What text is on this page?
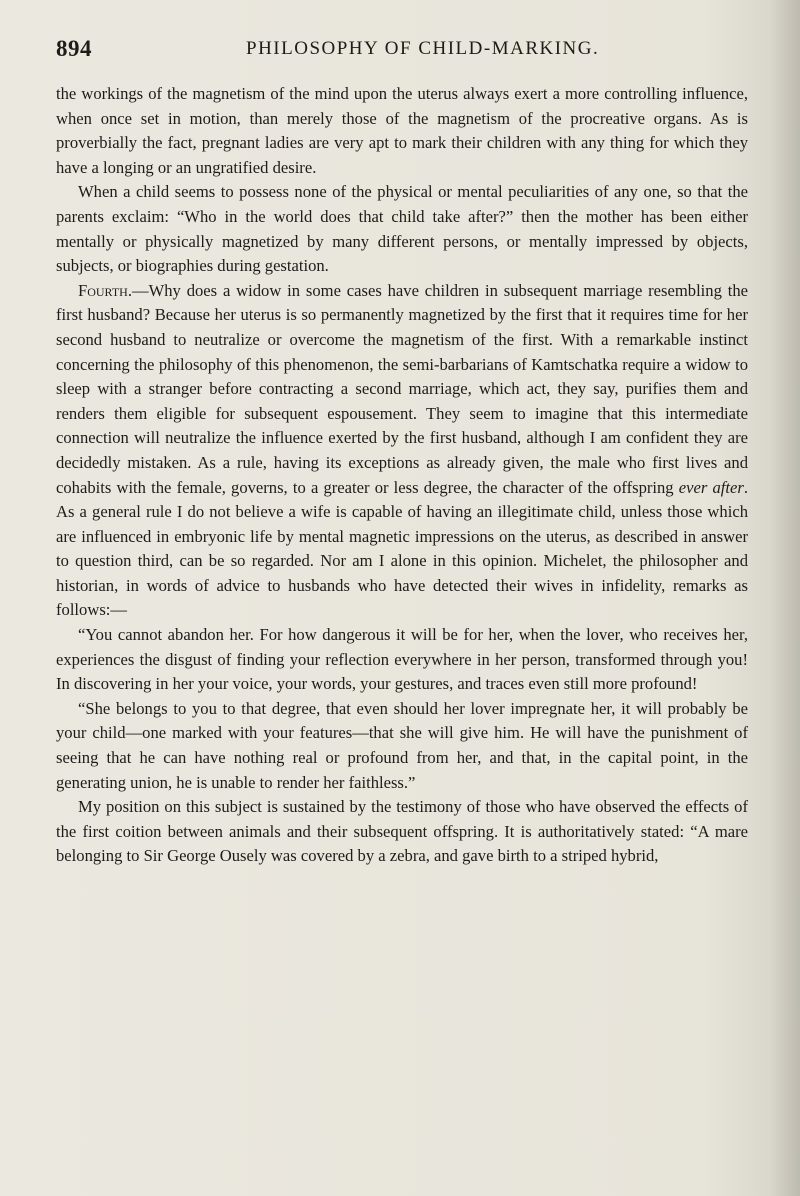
894	PHILOSOPHY OF CHILD-MARKING.

the workings of the magnetism of the mind upon the uterus always exert a more controlling influence, when once set in motion, than merely those of the magnetism of the procreative organs. As is proverbially the fact, pregnant ladies are very apt to mark their children with any thing for which they have a longing or an ungratified desire.

When a child seems to possess none of the physical or mental peculiarities of any one, so that the parents exclaim: “Who in the world does that child take after?” then the mother has been either mentally or physically magnetized by many different persons, or mentally impressed by objects, subjects, or biographies during gestation.

Fourth.—Why does a widow in some cases have children in subsequent marriage resembling the first husband? Because her uterus is so permanently magnetized by the first that it requires time for her second husband to neutralize or overcome the magnetism of the first. With a remarkable instinct concerning the philosophy of this phenomenon, the semi-barbarians of Kamtschatka require a widow to sleep with a stranger before contracting a second marriage, which act, they say, purifies them and renders them eligible for subsequent espousement. They seem to imagine that this intermediate connection will neutralize the influence exerted by the first husband, although I am confident they are decidedly mistaken. As a rule, having its exceptions as already given, the male who first lives and cohabits with the female, governs, to a greater or less degree, the character of the offspring ever after. As a general rule I do not believe a wife is capable of having an illegitimate child, unless those which are influenced in embryonic life by mental magnetic impressions on the uterus, as described in answer to question third, can be so regarded. Nor am I alone in this opinion. Michelet, the philosopher and historian, in words of advice to husbands who have detected their wives in infidelity, remarks as follows:—

“You cannot abandon her. For how dangerous it will be for her, when the lover, who receives her, experiences the disgust of finding your reflection everywhere in her person, transformed through you! In discovering in her your voice, your words, your gestures, and traces even still more profound!

“She belongs to you to that degree, that even should her lover impregnate her, it will probably be your child—one marked with your features—that she will give him. He will have the punishment of seeing that he can have nothing real or profound from her, and that, in the capital point, in the generating union, he is unable to render her faithless.”

My position on this subject is sustained by the testimony of those who have observed the effects of the first coition between animals and their subsequent offspring. It is authoritatively stated: “A mare belonging to Sir George Ousely was covered by a zebra, and gave birth to a striped hybrid,
